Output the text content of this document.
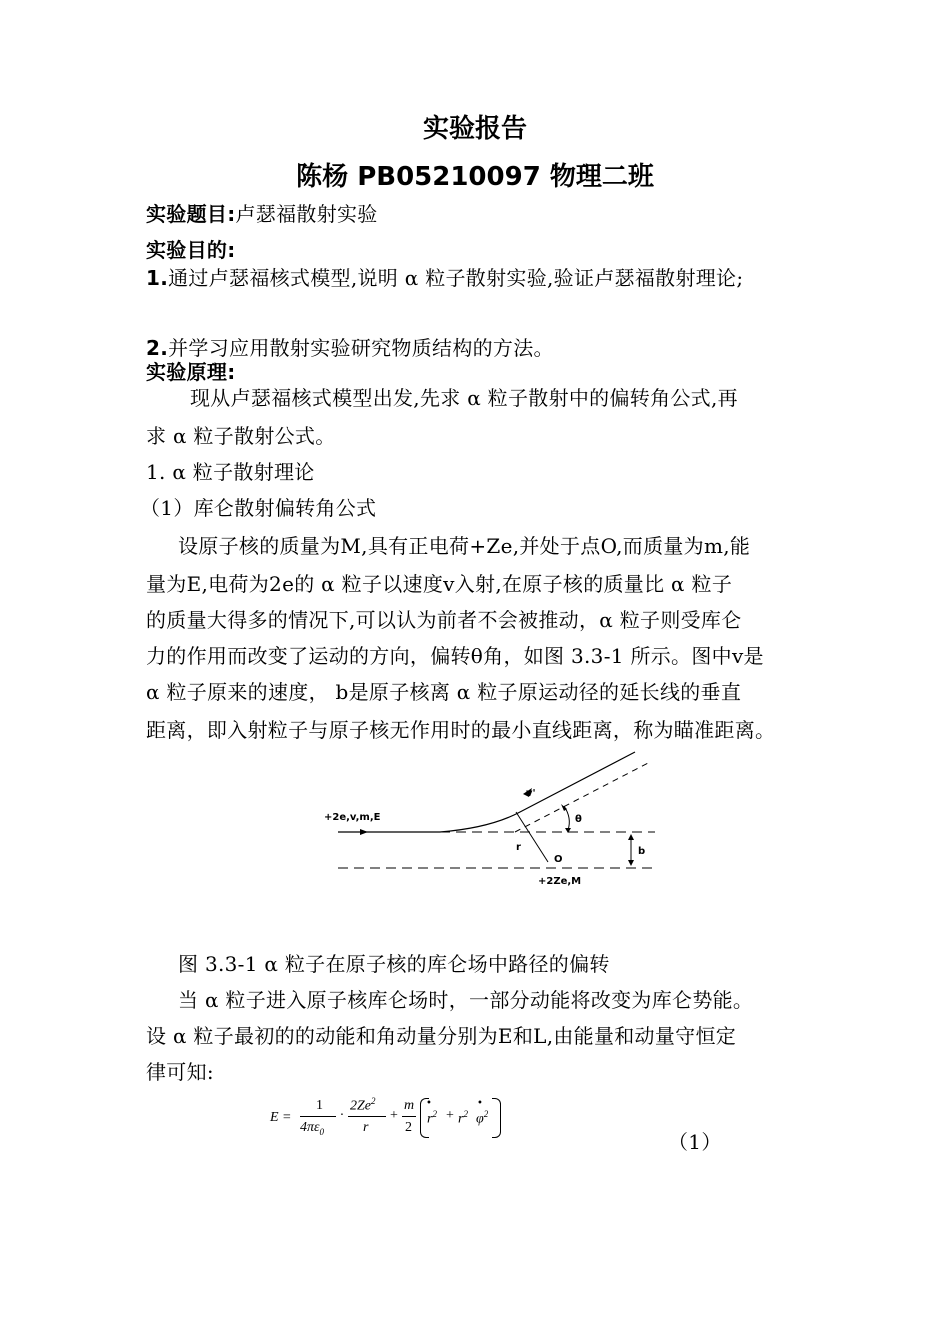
实验报告
陈杨 PB05210097 物理二班
实验题目:卢瑟福散射实验
实验目的:
1.通过卢瑟福核式模型,说明 α 粒子散射实验,验证卢瑟福散射理论;
2.并学习应用散射实验研究物质结构的方法。
实验原理:
现从卢瑟福核式模型出发,先求 α 粒子散射中的偏转角公式,再
求 α 粒子散射公式。
1. α 粒子散射理论
（1）库仑散射偏转角公式
设原子核的质量为M,具有正电荷+Ze,并处于点O,而质量为m,能
量为E,电荷为2e的 α 粒子以速度v入射,在原子核的质量比 α 粒子
的质量大得多的情况下,可以认为前者不会被推动，α 粒子则受库仑
力的作用而改变了运动的方向，偏转θ角，如图 3.3-1 所示。图中v是
α 粒子原来的速度， b是原子核离 α 粒子原运动径的延长线的垂直
距离，即入射粒子与原子核无作用时的最小直线距离，称为瞄准距离。
+2e,v,m,E
v'
θ
b
r
O
+2Ze,M
图 3.3-1 α 粒子在原子核的库仑场中路径的偏转
当 α 粒子进入原子核库仑场时，一部分动能将改变为库仑势能。
设 α 粒子最初的的动能和角动量分别为E和L,由能量和动量守恒定
律可知:
E =
1
$4\pi\varepsilon_0$
·
$2Ze^2$
r
+
m
2
•
$r^2 + r^2$
•
$\varphi^2$
（1）
